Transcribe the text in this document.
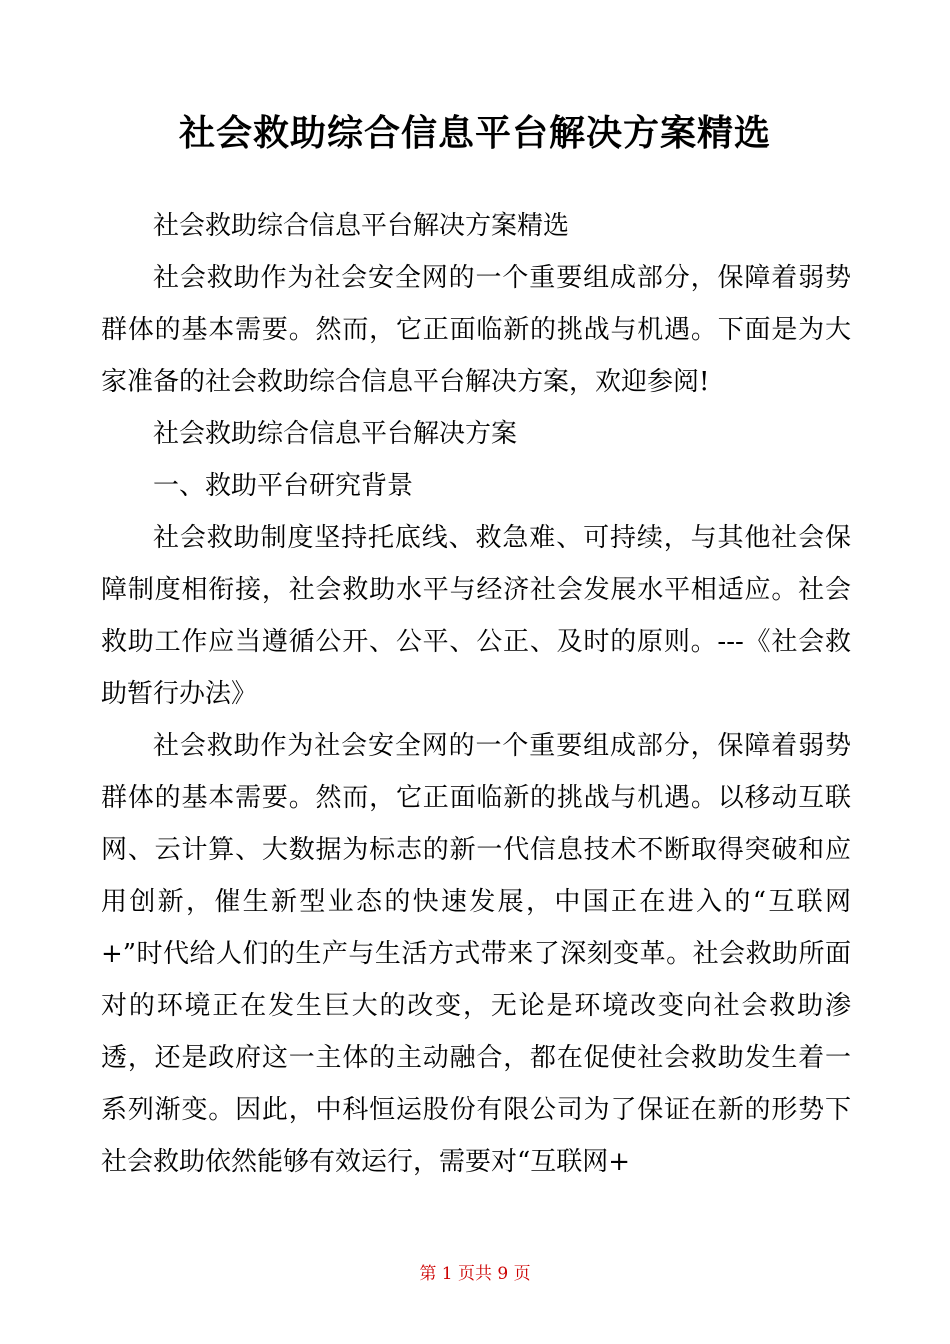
社会救助综合信息平台解决方案精选

社会救助综合信息平台解决方案精选

社会救助作为社会安全网的一个重要组成部分，保障着弱势群体的基本需要。然而，它正面临新的挑战与机遇。下面是为大家准备的社会救助综合信息平台解决方案，欢迎参阅!

社会救助综合信息平台解决方案

一、救助平台研究背景

社会救助制度坚持托底线、救急难、可持续，与其他社会保障制度相衔接，社会救助水平与经济社会发展水平相适应。社会救助工作应当遵循公开、公平、公正、及时的原则。---《社会救助暂行办法》

社会救助作为社会安全网的一个重要组成部分，保障着弱势群体的基本需要。然而，它正面临新的挑战与机遇。以移动互联网、云计算、大数据为标志的新一代信息技术不断取得突破和应用创新，催生新型业态的快速发展，中国正在进入的“互联网+”时代给人们的生产与生活方式带来了深刻变革。社会救助所面对的环境正在发生巨大的改变，无论是环境改变向社会救助渗透，还是政府这一主体的主动融合，都在促使社会救助发生着一系列渐变。因此，中科恒运股份有限公司为了保证在新的形势下社会救助依然能够有效运行，需要对“互联网+

第 1 页共 9 页
